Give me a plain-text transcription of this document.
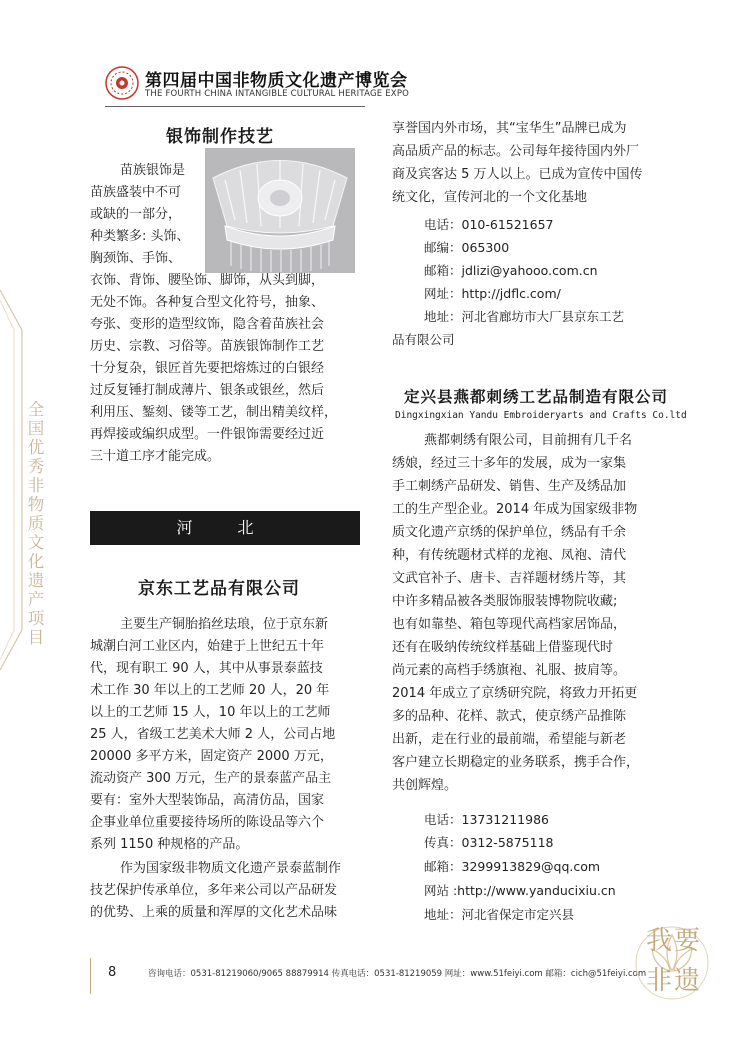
第四届中国非物质文化遗产博览会
THE FOURTH CHINA INTANGIBLE CULTURAL HERITAGE EXPO
全国优秀非物质文化遗产项目
银饰制作技艺
苗族银饰是
苗族盛装中不可
或缺的一部分，
种类繁多: 头饰、
胸颈饰、手饰、
衣饰、背饰、腰坠饰、脚饰，从头到脚，
无处不饰。各种复合型文化符号，抽象、
夸张、变形的造型纹饰，隐含着苗族社会
历史、宗教、习俗等。苗族银饰制作工艺
十分复杂，银匠首先要把熔炼过的白银经
过反复锤打制成薄片、银条或银丝，然后
利用压、錾刻、镂等工艺，制出精美纹样，
再焊接或编织成型。一件银饰需要经过近
三十道工序才能完成。
河 北
京东工艺品有限公司
主要生产铜胎掐丝珐琅，位于京东新
城潮白河工业区内，始建于上世纪五十年
代，现有职工 90 人，其中从事景泰蓝技
术工作 30 年以上的工艺师 20 人，20 年
以上的工艺师 15 人，10 年以上的工艺师
25 人，省级工艺美术大师 2 人，公司占地
20000 多平方米，固定资产 2000 万元，
流动资产 300 万元，生产的景泰蓝产品主
要有：室外大型装饰品，高清仿品，国家
企事业单位重要接待场所的陈设品等六个
系列 1150 种规格的产品。
作为国家级非物质文化遗产景泰蓝制作
技艺保护传承单位，多年来公司以产品研发
的优势、上乘的质量和浑厚的文化艺术品味
享誉国内外市场，其“宝华生”品牌已成为
高品质产品的标志。公司每年接待国内外厂
商及宾客达 5 万人以上。已成为宣传中国传
统文化，宣传河北的一个文化基地
电话：010-61521657
邮编：065300
邮箱：jdlizi@yahooo.com.cn
网址：http://jdflc.com/
地址：河北省廊坊市大厂县京东工艺
品有限公司
定兴县燕都刺绣工艺品制造有限公司
Dingxingxian Yandu Embroideryarts and Crafts Co.ltd
燕都刺绣有限公司，目前拥有几千名
绣娘，经过三十多年的发展，成为一家集
手工刺绣产品研发、销售、生产及绣品加
工的生产型企业。2014 年成为国家级非物
质文化遗产京绣的保护单位，绣品有千余
种，有传统题材式样的龙袍、凤袍、清代
文武官补子、唐卡、吉祥题材绣片等，其
中许多精品被各类服饰服装博物院收藏;
也有如靠垫、箱包等现代高档家居饰品，
还有在吸纳传统纹样基础上借鉴现代时
尚元素的高档手绣旗袍、礼服、披肩等。
2014 年成立了京绣研究院，将致力开拓更
多的品种、花样、款式，使京绣产品推陈
出新，走在行业的最前端，希望能与新老
客户建立长期稳定的业务联系，携手合作，
共创辉煌。
电话：13731211986
传真：0312-5875118
邮箱：3299913829@qq.com
网站 :http://www.yanducixiu.cn
地址：河北省保定市定兴县
8	咨询电话：0531-81219060/9065 88879914 传真电话：0531-81219059 网址：www.51feiyi.com 邮箱：cich@51feiyi.com
我要非遗
